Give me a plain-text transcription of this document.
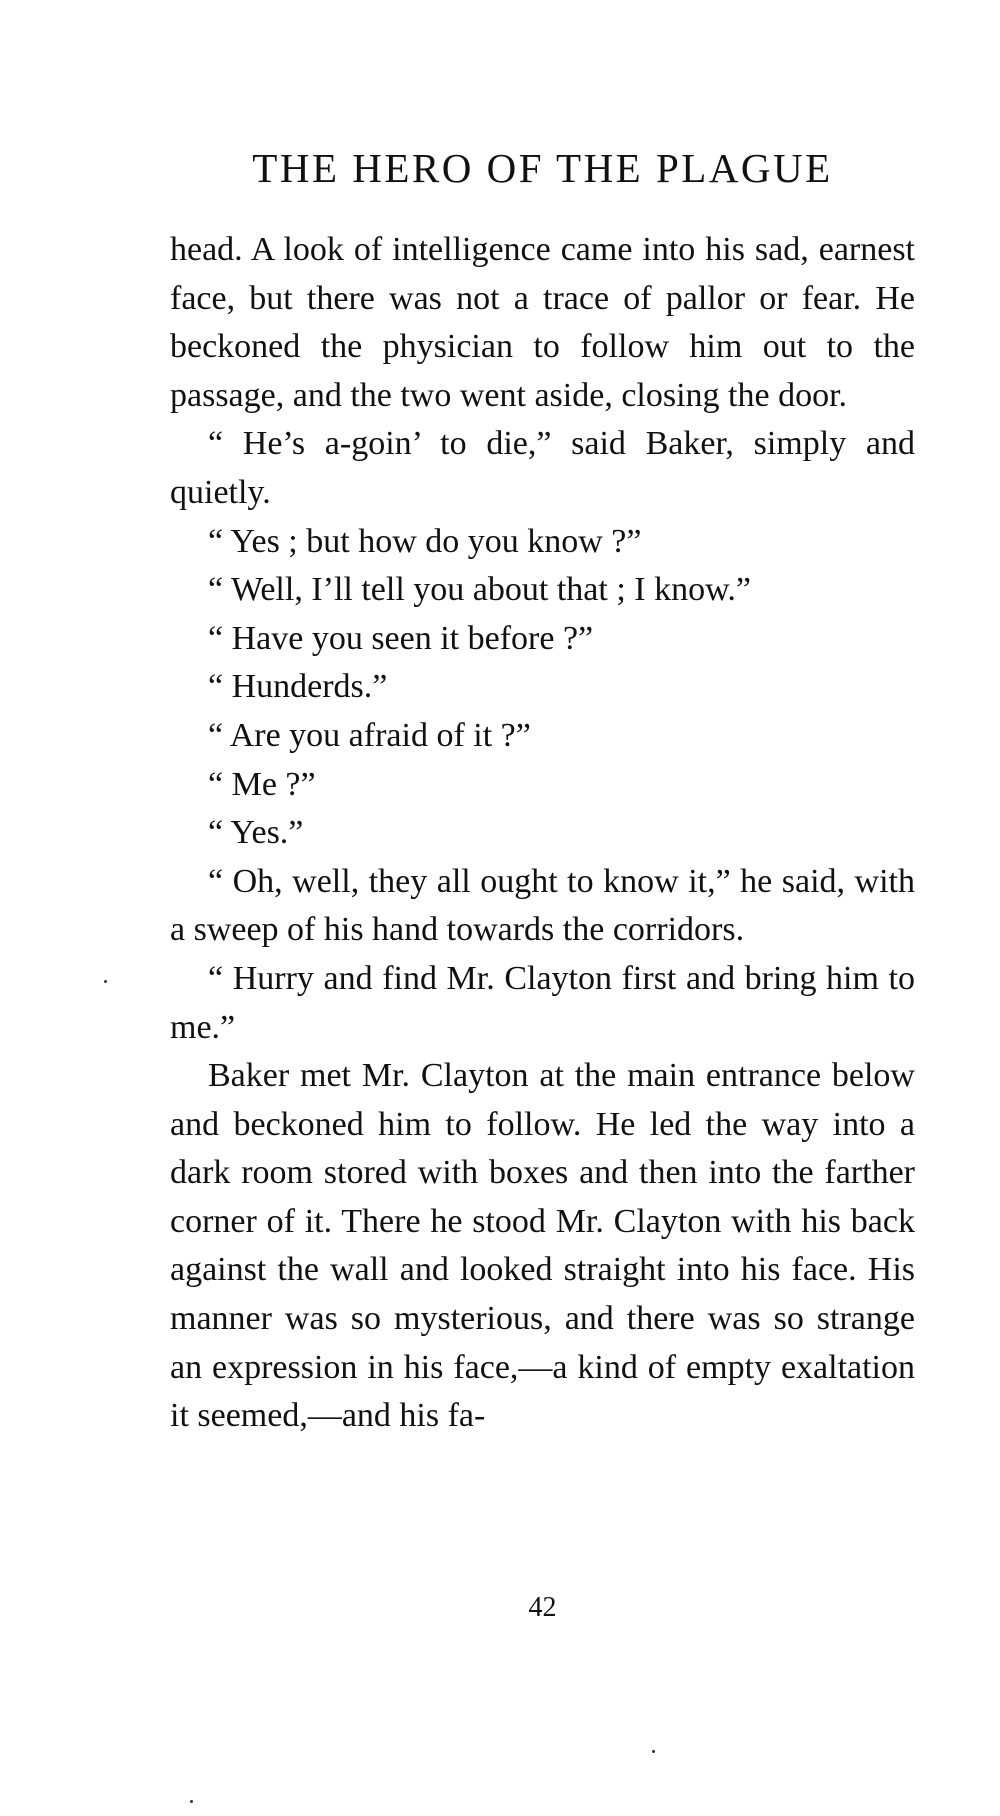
THE HERO OF THE PLAGUE

head. A look of intelligence came into his sad, earnest face, but there was not a trace of pallor or fear. He beckoned the physician to follow him out to the passage, and the two went aside, closing the door.

“ He’s a-goin’ to die,” said Baker, simply and quietly.

“ Yes ; but how do you know ?”

“ Well, I’ll tell you about that ; I know.”

“ Have you seen it before ?”

“ Hunderds.”

“ Are you afraid of it ?”

“ Me ?”

“ Yes.”

“ Oh, well, they all ought to know it,” he said, with a sweep of his hand towards the corridors.

“ Hurry and find Mr. Clayton first and bring him to me.”

Baker met Mr. Clayton at the main entrance below and beckoned him to follow. He led the way into a dark room stored with boxes and then into the farther corner of it. There he stood Mr. Clayton with his back against the wall and looked straight into his face. His manner was so mysterious, and there was so strange an expression in his face,—a kind of empty exaltation it seemed,—and his fa-

42
